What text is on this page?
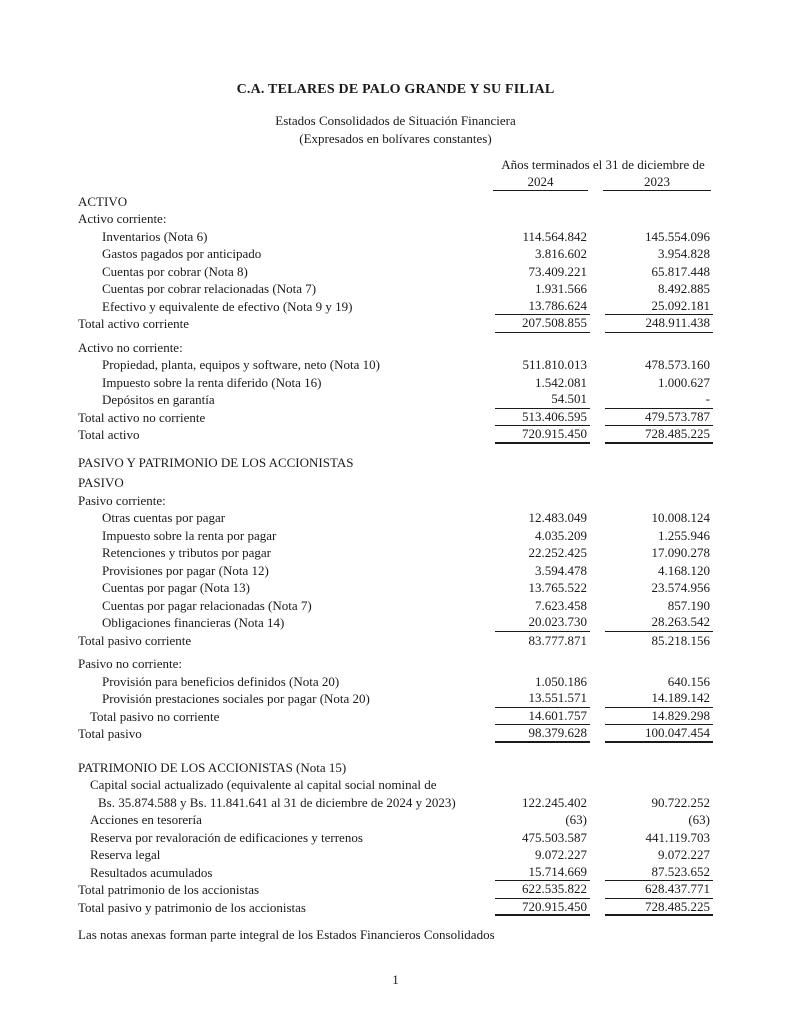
C.A. TELARES DE PALO GRANDE Y SU FILIAL
Estados Consolidados de Situación Financiera
(Expresados en bolívares constantes)
Años terminados el 31 de diciembre de
2024	2023
ACTIVO
Activo corriente:
Inventarios (Nota 6)	114.564.842	145.554.096
Gastos pagados por anticipado	3.816.602	3.954.828
Cuentas por cobrar (Nota 8)	73.409.221	65.817.448
Cuentas por cobrar relacionadas (Nota 7)	1.931.566	8.492.885
Efectivo y equivalente de efectivo (Nota 9 y 19)	13.786.624	25.092.181
Total activo corriente	207.508.855	248.911.438
Activo no corriente:
Propiedad, planta, equipos y software, neto (Nota 10)	511.810.013	478.573.160
Impuesto sobre la renta diferido (Nota 16)	1.542.081	1.000.627
Depósitos en garantía	54.501	-
Total activo no corriente	513.406.595	479.573.787
Total activo	720.915.450	728.485.225
PASIVO Y PATRIMONIO DE LOS ACCIONISTAS
PASIVO
Pasivo corriente:
Otras cuentas por pagar	12.483.049	10.008.124
Impuesto sobre la renta por pagar	4.035.209	1.255.946
Retenciones y tributos por pagar	22.252.425	17.090.278
Provisiones por pagar (Nota 12)	3.594.478	4.168.120
Cuentas por pagar (Nota 13)	13.765.522	23.574.956
Cuentas por pagar relacionadas (Nota 7)	7.623.458	857.190
Obligaciones financieras (Nota 14)	20.023.730	28.263.542
Total pasivo corriente	83.777.871	85.218.156
Pasivo no corriente:
Provisión para beneficios definidos (Nota 20)	1.050.186	640.156
Provisión prestaciones sociales por pagar (Nota 20)	13.551.571	14.189.142
Total pasivo no corriente	14.601.757	14.829.298
Total pasivo	98.379.628	100.047.454
PATRIMONIO DE LOS ACCIONISTAS (Nota 15)
Capital social actualizado (equivalente al capital social nominal de
Bs. 35.874.588 y Bs. 11.841.641 al 31 de diciembre de 2024 y 2023)	122.245.402	90.722.252
Acciones en tesorería	(63)	(63)
Reserva por revaloración de edificaciones y terrenos	475.503.587	441.119.703
Reserva legal	9.072.227	9.072.227
Resultados acumulados	15.714.669	87.523.652
Total patrimonio de los accionistas	622.535.822	628.437.771
Total pasivo y patrimonio de los accionistas	720.915.450	728.485.225
Las notas anexas forman parte integral de los Estados Financieros Consolidados
1
